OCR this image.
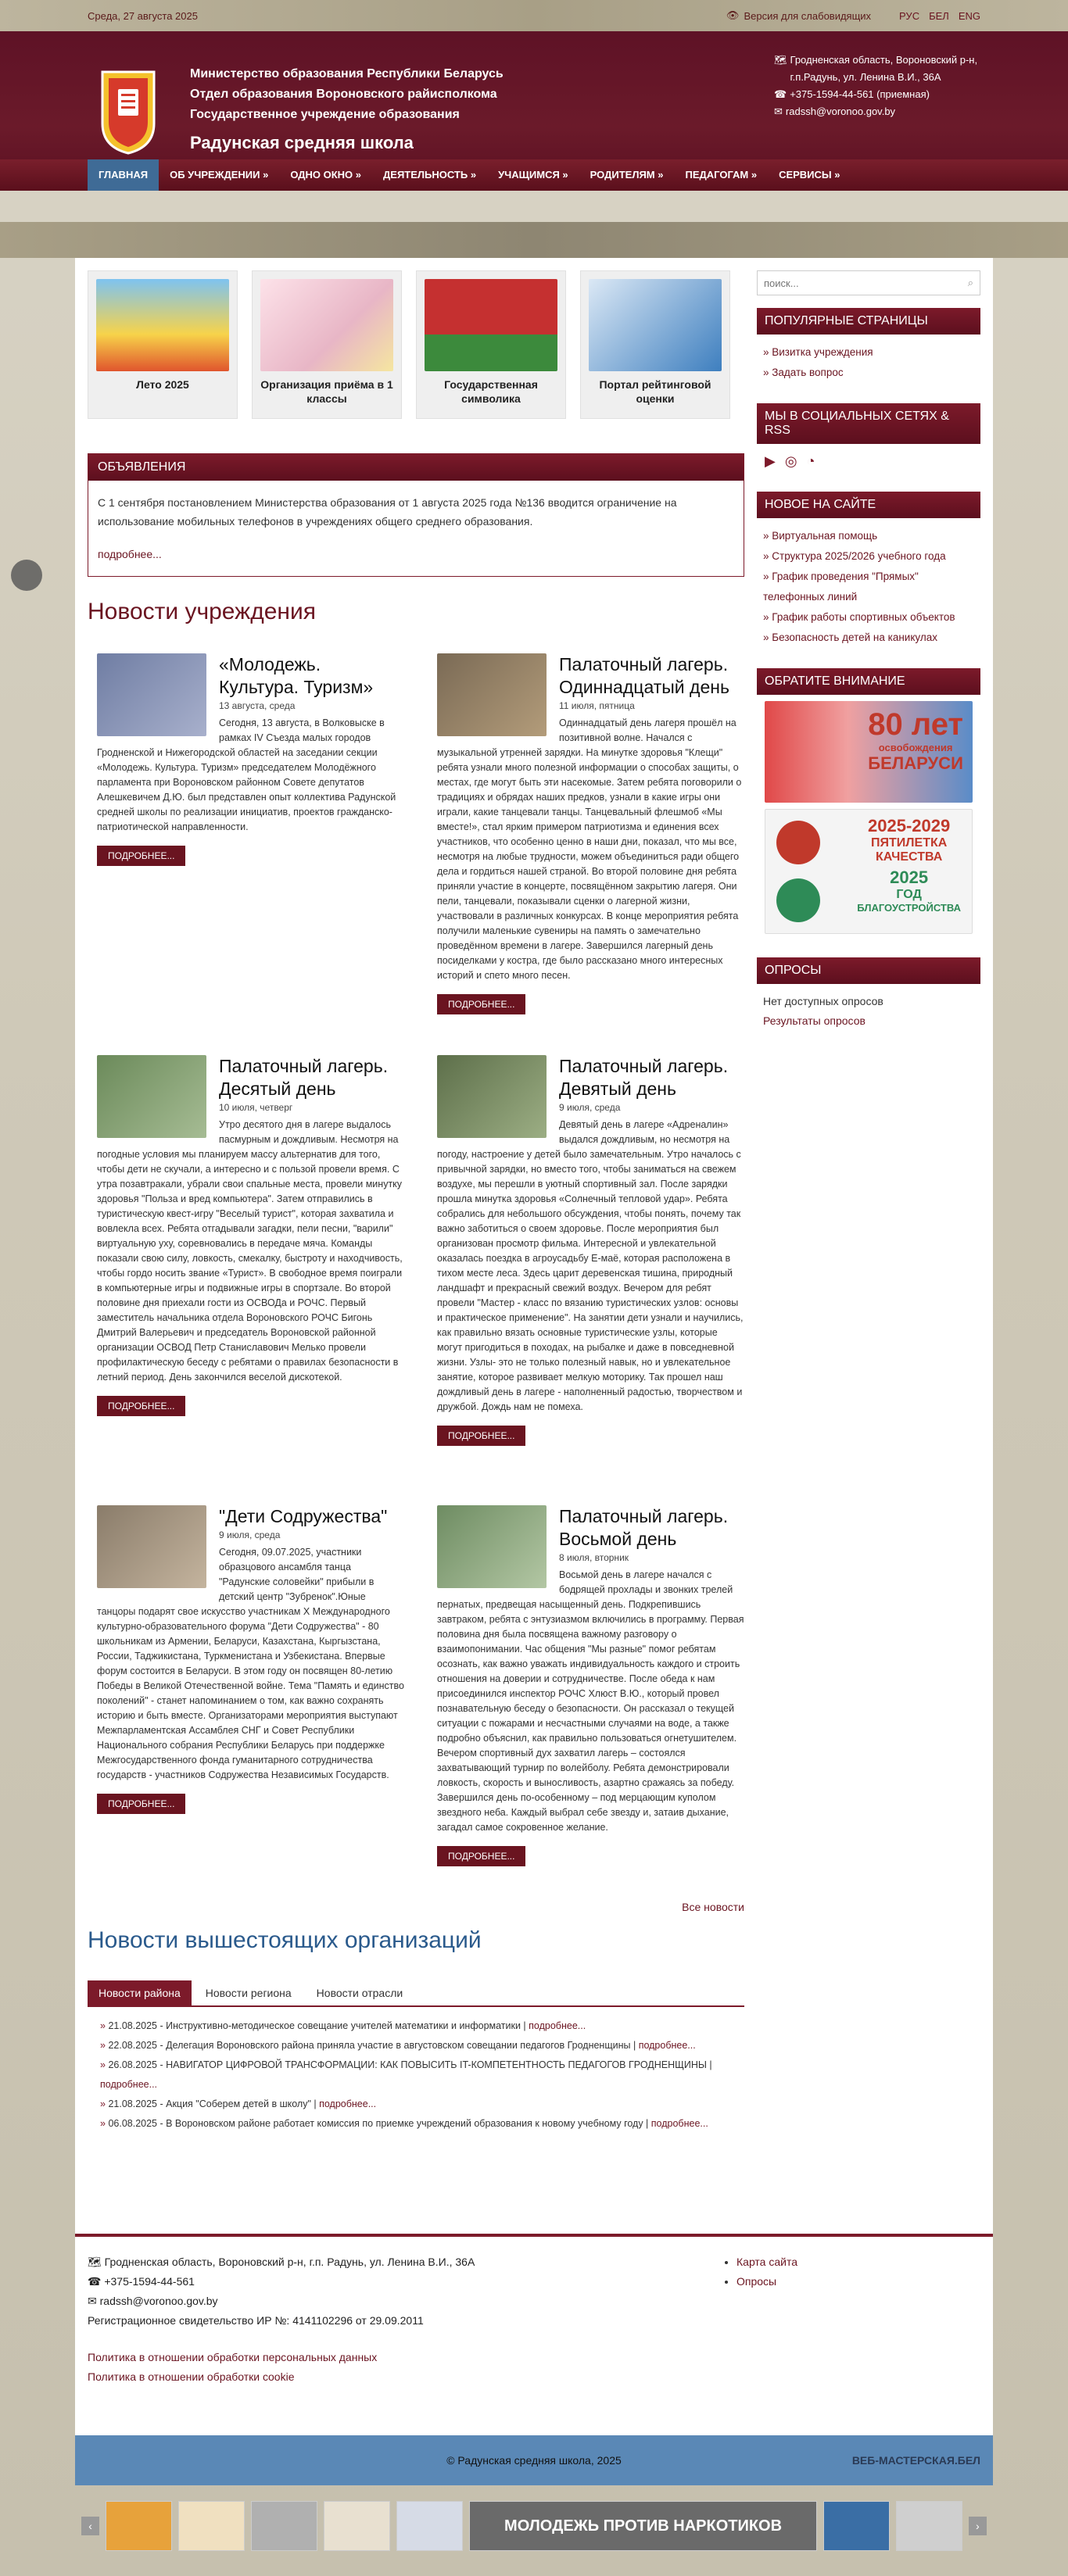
Среда, 27 августа 2025	👁 Версия для слабовидящих	РУС БЕЛ ENG
Министерство образования Республики Беларусь
Отдел образования Вороновского райисполкома
Государственное учреждение образования
Радунская средняя школа
🗺 Гродненская область, Вороновский р-н, г.п.Радунь, ул. Ленина В.И., 36А
☎ +375-1594-44-561 (приемная)
✉ radssh@voronoo.gov.by
ГЛАВНАЯ	ОБ УЧРЕЖДЕНИИ »	ОДНО ОКНО »	ДЕЯТЕЛЬНОСТЬ »	УЧАЩИМСЯ »	РОДИТЕЛЯМ »	ПЕДАГОГАМ »	СЕРВИСЫ »
Лето 2025	Организация приёма в 1 классы
Государственная символика
Портал рейтинговой оценки
ОБЪЯВЛЕНИЯ
С 1 сентября постановлением Министерства образования от 1 августа 2025 года №136 вводится ограничение на использование мобильных телефонов в учреждениях общего среднего образования.
подробнее...
Новости учреждения
«Молодежь. Культура. Туризм»
13 августа, среда
Сегодня, 13 августа, в Волковыске в рамках IV Съезда малых городов Гродненской и Нижегородской областей на заседании секции «Молодежь. Культура. Туризм» председателем Молодёжного парламента при Вороновском районном Совете депутатов Алешкевичем Д.Ю. был представлен опыт коллектива Радунской средней школы по реализации инициатив, проектов гражданско-патриотической направленности.
ПОДРОБНЕЕ...
Палаточный лагерь. Одиннадцатый день
11 июля, пятница
Одиннадцатый день лагеря прошёл на позитивной волне. Начался с музыкальной утренней зарядки. На минутке здоровья "Клещи" ребята узнали много полезной информации о способах защиты, о местах, где могут быть эти насекомые. Затем ребята поговорили о традициях и обрядах наших предков, узнали в какие игры они играли, какие танцевали танцы. Танцевальный флешмоб «Мы вместе!», стал ярким примером патриотизма и единения всех участников, что особенно ценно в наши дни, показал, что мы все, несмотря на любые трудности, можем объединиться ради общего дела и гордиться нашей страной. Во второй половине дня ребята приняли участие в концерте, посвящённом закрытию лагеря. Они пели, танцевали, показывали сценки о лагерной жизни, участвовали в различных конкурсах. В конце мероприятия ребята получили маленькие сувениры на память о замечательно проведённом времени в лагере. Завершился лагерный день посиделками у костра, где было рассказано много интересных историй и спето много песен.
ПОДРОБНЕЕ...
Палаточный лагерь. Десятый день
10 июля, четверг
Утро десятого дня в лагере выдалось пасмурным и дождливым. Несмотря на погодные условия мы планируем массу альтернатив для того, чтобы дети не скучали, а интересно и с пользой провели время. С утра позавтракали, убрали свои спальные места, провели минутку здоровья "Польза и вред компьютера". Затем отправились в туристическую квест-игру "Веселый турист", которая захватила и вовлекла всех. Ребята отгадывали загадки, пели песни, "варили" виртуальную уху, соревновались в передаче мяча. Команды показали свою силу, ловкость, смекалку, быстроту и находчивость, чтобы гордо носить звание «Турист». В свободное время поиграли в компьютерные игры и подвижные игры в спортзале. Во второй половине дня приехали гости из ОСВОДа и РОЧС. Первый заместитель начальника отдела Вороновского РОЧС Бигонь Дмитрий Валерьевич и председатель Вороновской районной организации ОСВОД Петр Станиславович Мелько провели профилактическую беседу с ребятами о правилах безопасности в летний период. День закончился веселой дискотекой.
ПОДРОБНЕЕ...
Палаточный лагерь. Девятый день
9 июля, среда
Девятый день в лагере «Адреналин» выдался дождливым, но несмотря на погоду, настроение у детей было замечательным. Утро началось с привычной зарядки, но вместо того, чтобы заниматься на свежем воздухе, мы перешли в уютный спортивный зал. После зарядки прошла минутка здоровья «Солнечный тепловой удар». Ребята собрались для небольшого обсуждения, чтобы понять, почему так важно заботиться о своем здоровье. После мероприятия был организован просмотр фильма. Интересной и увлекательной оказалась поездка в агроусадьбу Е-маё, которая расположена в тихом месте лесa. Здесь царит деревенская тишина, природный ландшафт и прекрасный свежий воздух. Вечером для ребят провели "Мастер - класс по вязанию туристических узлов: основы и практическое применение". На занятии дети узнали и научились, как правильно вязать основные туристические узлы, которые могут пригодиться в походах, на рыбалке и даже в повседневной жизни. Узлы- это не только полезный навык, но и увлекательное занятие, которое развивает мелкую моторику. Так прошел наш дождливый день в лагере - наполненный радостью, творчеством и дружбой. Дождь нам не помеха.
ПОДРОБНЕЕ...
"Дети Содружества"
9 июля, среда
Сегодня, 09.07.2025, участники образцового ансамбля танца "Радунские соловейки" прибыли в детский центр "Зубренок".Юные танцоры подарят свое искусство участникам X Международного культурно-образовательного форума "Дети Содружества" - 80 школьникам из Армении, Беларуси, Казахстана, Кыргызстана, России, Таджикистана, Туркменистана и Узбекистана. Впервые форум состоится в Беларуси. В этом году он посвящен 80-летию Победы в Великой Отечественной войне. Тема "Память и единство поколений" - станет напоминанием о том, как важно сохранять историю и быть вместе. Организаторами мероприятия выступают Межпарламентская Ассамблея СНГ и Совет Республики Национального собрания Республики Беларусь при поддержке Межгосударственного фонда гуманитарного сотрудничества государств - участников Содружества Независимых Государств.
ПОДРОБНЕЕ...
Палаточный лагерь. Восьмой день
8 июля, вторник
Восьмой день в лагере начался с бодрящей прохлады и звонких трелей пернатых, предвещая насыщенный день. Подкрепившись завтраком, ребята с энтузиазмом включились в программу. Первая половина дня была посвящена важному разговору о взаимопонимании. Час общения "Мы разные" помог ребятам осознать, как важно уважать индивидуальность каждого и строить отношения на доверии и сотрудничестве. После обеда к нам присоединился инспектор РОЧС Хлюст В.Ю., который провел познавательную беседу о безопасности. Он рассказал о текущей ситуации с пожарами и несчастными случаями на воде, а также подробно объяснил, как правильно пользоваться огнетушителем. Вечером спортивный дух захватил лагерь – состоялся захватывающий турнир по волейболу. Ребята демонстрировали ловкость, скорость и выносливость, азартно сражаясь за победу. Завершился день по-особенному – под мерцающим куполом звездного неба. Каждый выбрал себе звезду и, затаив дыхание, загадал самое сокровенное желание.
ПОДРОБНЕЕ...
Все новости
Новости вышестоящих организаций
Новости района	Новости региона	Новости отрасли
» 21.08.2025 - Инструктивно-методическое совещание учителей математики и информатики | подробнее...
» 22.08.2025 - Делегация Вороновского района приняла участие в августовском совещании педагогов Гродненщины | подробнее...
» 26.08.2025 - НАВИГАТОР ЦИФРОВОЙ ТРАНСФОРМАЦИИ: КАК ПОВЫСИТЬ IT-КОМПЕТЕНТНОСТЬ ПЕДАГОГОВ ГРОДНЕНЩИНЫ | подробнее...
» 21.08.2025 - Акция "Соберем детей в школу" | подробнее...
» 06.08.2025 - В Вороновском районе работает комиссия по приемке учреждений образования к новому учебному году | подробнее...
поиск...
⌕
ПОПУЛЯРНЫЕ СТРАНИЦЫ
» Визитка учреждения
» Задать вопрос
МЫ В СОЦИАЛЬНЫХ СЕТЯХ & RSS
▶ ◎ ◔
НОВОЕ НА САЙТЕ
» Виртуальная помощь
» Структура 2025/2026 учебного года
» График проведения "Прямых" телефонных линий
» График работы спортивных объектов
» Безопасность детей на каникулах
ОБРАТИТЕ ВНИМАНИЕ
80 лет
освобождения
БЕЛАРУСИ
2025-2029
ПЯТИЛЕТКА
КАЧЕСТВА
2025
ГОД
БЛАГОУСТРОЙСТВА
ОПРОСЫ
Нет доступных опросов
Результаты опросов
🗺 Гродненская область, Вороновский р-н, г.п. Радунь, ул. Ленина В.И., 36А
☎ +375-1594-44-561
✉ radssh@voronoo.gov.by
Регистрационное свидетельство ИР №: 4141102296 от 29.09.2011
Политика в отношении обработки персональных данных
Политика в отношении обработки cookie
• Карта сайта
• Опросы
© Радунская средняя школа, 2025	ВЕБ-МАСТЕРСКАЯ.БЕЛ
‹	МОЛОДЕЖЬ ПРОТИВ НАРКОТИКОВ	›
